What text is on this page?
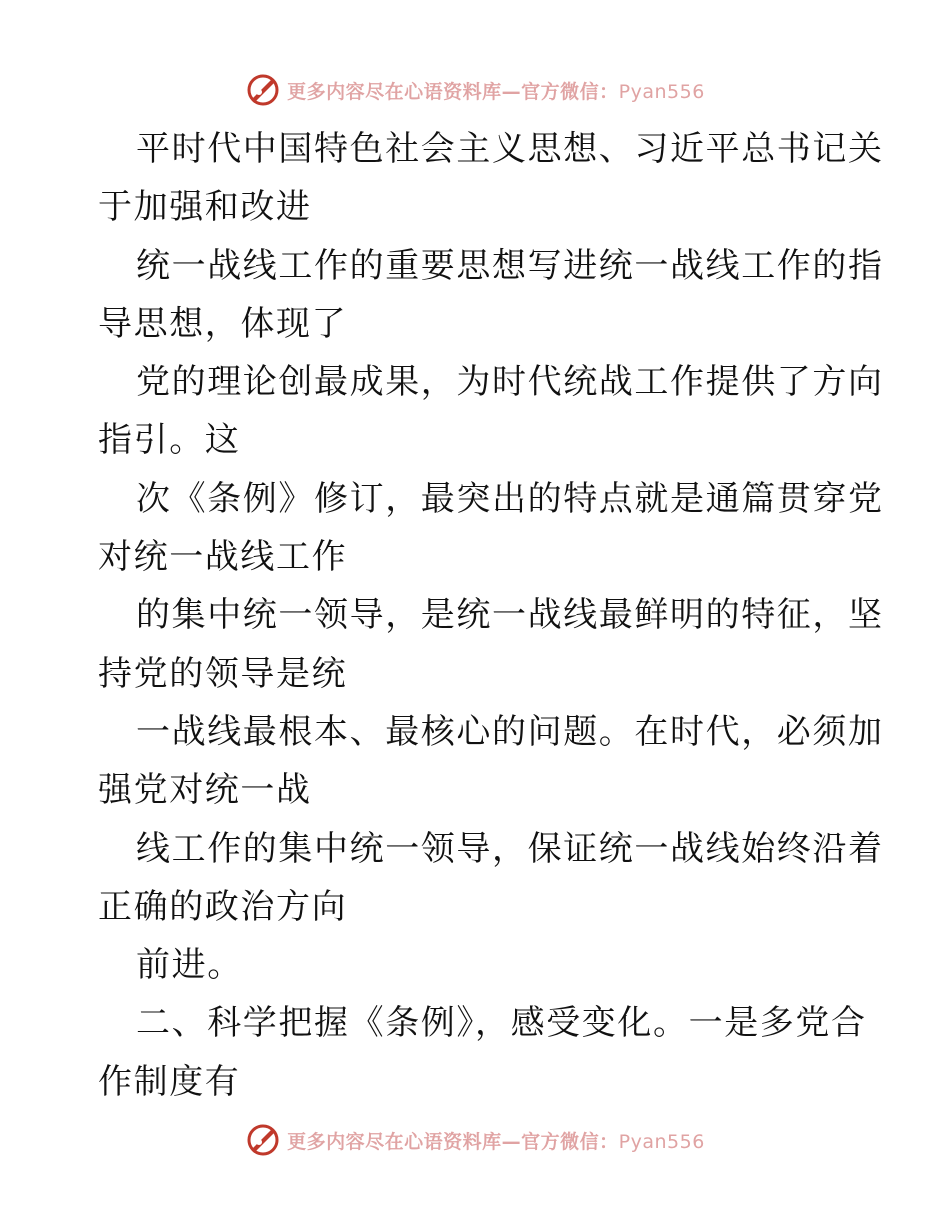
更多内容尽在心语资料库—官方微信：Pyan556
平时代中国特色社会主义思想、习近平总书记关
于加强和改进
统一战线工作的重要思想写进统一战线工作的指
导思想，体现了
党的理论创最成果，为时代统战工作提供了方向
指引。这
次《条例》修订，最突出的特点就是通篇贯穿党
对统一战线工作
的集中统一领导，是统一战线最鲜明的特征，坚
持党的领导是统
一战线最根本、最核心的问题。在时代，必须加
强党对统一战
线工作的集中统一领导，保证统一战线始终沿着
正确的政治方向
前进。
二、科学把握《条例》，感受变化。一是多党合
作制度有
更多内容尽在心语资料库—官方微信：Pyan556
